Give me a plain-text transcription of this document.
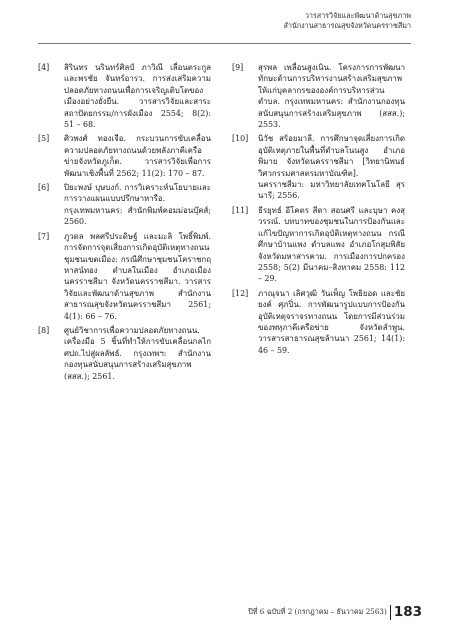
วารสารวิจัยและพัฒนาด้านสุขภาพ
สำนักงานสาธารณสุขจังหวัดนครราชสีมา
[4]	สิรินทร นรินทร์ศิลป์ ภาวิณี เลื่อนตระกูล และพรชัย จันทร์อารว. การส่งเสริมความปลอดภัยทางถนนเพื่อการเจริญเติบโตของเมืองอย่างยั่งยืน. วารสารวิจัยและสาระสถาปัตยกรรม/การผังเมือง 2554; 8(2): 51 – 68.
[5]	ศิวพงศ์ ทองเจือ. กระบวนการขับเคลื่อนความปลอดภัยทางถนนด้วยพลังภาคีเครือข่ายจังหวัดภูเก็ต. วารสารวิจัยเพื่อการพัฒนาเชิงพื้นที่ 2562; 11(2): 170 – 87.
[6]	ปิยะพงษ์ บุษบงก์. การวิเคราะห์นโยบายและการวางแผนแบบปรึกษาหารือ. กรุงเทพมหานคร: สำนักพิมพ์คอมม่อนบุ๊คส์; 2560.
[7]	ภูวดล พลศรีประดิษฐ์ และมะลิ โพธิ์พิมพ์. การจัดการจุดเสี่ยงการเกิดอุบัติเหตุทางถนนชุมชนเขตเมือง: กรณีศึกษาชุมชนโคราชกฤหาสน์ทอง ตำบลในเมือง อำเภอเมืองนครราชสีมา จังหวัดนครราชสีมา. วารสารวิจัยและพัฒนาด้านสุขภาพ สำนักงานสาธารณสุขจังหวัดนครราชสีมา 2561; 4(1): 66 – 76.
[8]	ศูนย์วิชาการเพื่อความปลอดภัยทางถนน. เครื่องมือ 5 ชิ้นที่ทำให้การขับเคลื่อนกลไก ศปถ.ไปสู่ผลลัพธ์. กรุงเทพฯ: สำนักงานกองทุนสนับสนุนการสร้างเสริมสุขภาพ (สสส.); 2561.
[9]	สุรพล เพลื่อนสูงเนิน. โครงการการพัฒนาทักษะด้านการบริหารงานสร้างเสริมสุขภาพให้แก่บุคลากรขององค์การบริหารส่วนตำบล. กรุงเทพมหานคร: สำนักงานกองทุนสนับสนุนการสร้างเสริมสุขภาพ (สสส.); 2553.
[10]	นิวัช สร้อยมาลี. การศึกษาจุดเสี่ยงการเกิดอุบัติเหตุภายในพื้นที่ตำบลโนนสูง อำเภอพิมาย จังหวัดนครราชสีมา [วิทยานิพนธ์วิศวกรรมศาสตรมหาบัณฑิต]. นครราชสีมา: มหาวิทยาลัยเทคโนโลยี สุรนารี; 2556.
[11]	ธีรยุทธ์ อีโคตร สีดา สอนศรี และบุษา คงสุวรรณ์. บทบาทของชุมชนในการป้องกันและแก้ไขปัญหาการเกิดอุบัติเหตุทางถนน กรณีศึกษาบ้านแพง ตำบลแพง อำเภอโกสุมพิสัย จังหวัดมหาสารคาม. การเมืองการปกครอง 2558; 5(2) มีนาคม–สิงหาคม 2558: 112 – 29.
[12]	ภาณุจนา เลิศวุฒิ วันเพ็ญ โพธิยอด และชัยยงค์ ศุภปิ่น. การพัฒนารูปแบบการป้องกันอุบัติเหตุจราจรทางถนน โดยการมีส่วนร่วมของพหุภาคีเครือข่าย จังหวัดลำพูน. วารสารสาธารณสุขล้านนา 2561; 14(1): 46 – 59.
ปีที่ 6 ฉบับที่ 2 (กรกฎาคม – ธันวาคม 2563) 183
